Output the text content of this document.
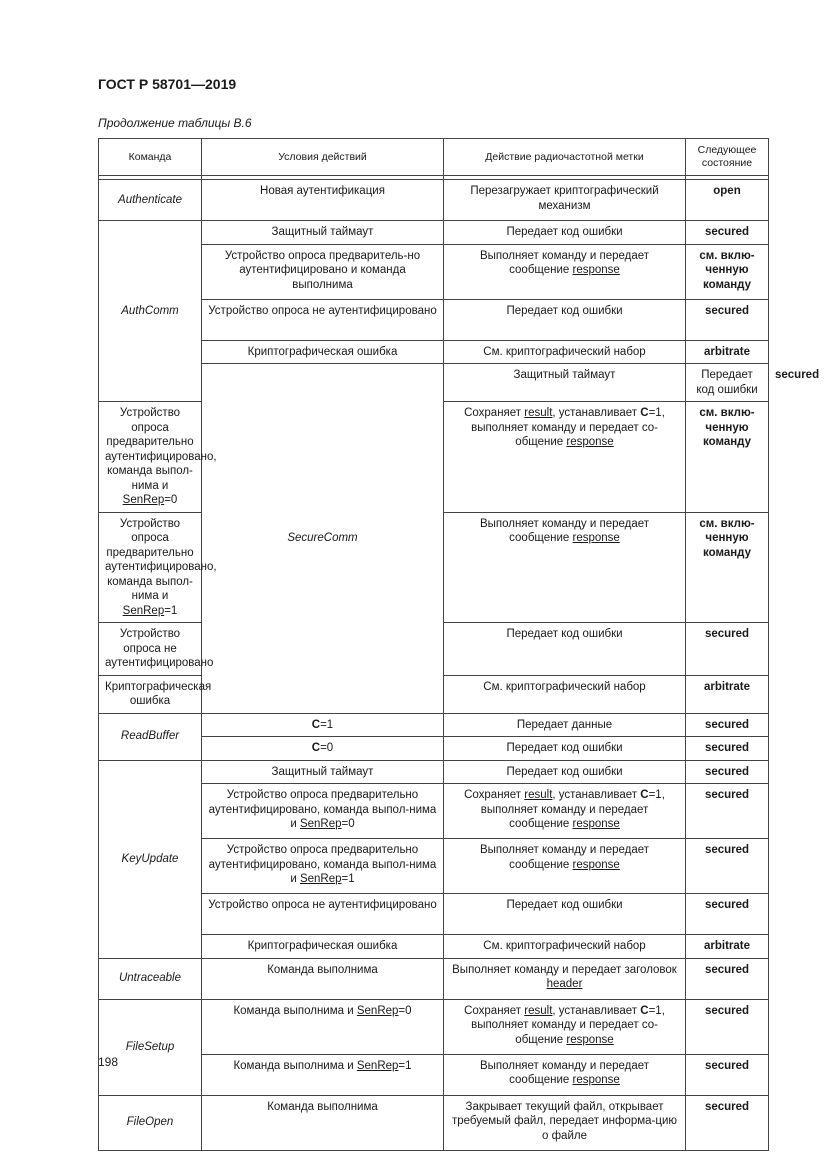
ГОСТ Р 58701—2019
Продолжение таблицы В.6
Команда	Условия действий	Действие радиочастотной метки	Следующее состояние	

Authenticate	Новая аутентификация	Перезагружает криптографический механизм	open	
AuthComm	Защитный таймаут	Передает код ошибки	secured	
	Устройство опроса предваритель-но аутентифицировано и команда выполнима	Выполняет команду и передает сообщение response	см. вклю-ченную команду	
	Устройство опроса не аутентифицировано	Передает код ошибки	secured	
	Криптографическая ошибка	См. криптографический набор	arbitrate	
	SecureComm	Защитный таймаут	Передает код ошибки	secured
Устройство опроса предварительно аутентифицировано, команда выпол-нима и SenRep=0		Сохраняет result, устанавливает C=1, выполняет команду и передает со-общение response	см. вклю-ченную команду	
Устройство опроса предварительно аутентифицировано, команда выпол-нима и SenRep=1		Выполняет команду и передает сообщение response	см. вклю-ченную команду	
Устройство опроса не аутентифицировано		Передает код ошибки	secured	
Криптографическая ошибка		См. криптографический набор	arbitrate	
ReadBuffer	C=1	Передает данные	secured	
	C=0	Передает код ошибки	secured	
KeyUpdate	Защитный таймаут	Передает код ошибки	secured	
	Устройство опроса предварительно аутентифицировано, команда выпол-нима и SenRep=0	Сохраняет result, устанавливает C=1, выполняет команду и передает сообщение response	secured	
	Устройство опроса предварительно аутентифицировано, команда выпол-нима и SenRep=1	Выполняет команду и передает сообщение response	secured	
	Устройство опроса не аутентифицировано	Передает код ошибки	secured	
	Криптографическая ошибка	См. криптографический набор	arbitrate	
Untraceable	Команда выполнима	Выполняет команду и передает заголовок header	secured	
FileSetup	Команда выполнима и SenRep=0	Сохраняет result, устанавливает C=1, выполняет команду и передает со-общение response	secured	
	Команда выполнима и SenRep=1	Выполняет команду и передает сообщение response	secured	
FileOpen	Команда выполнима	Закрывает текущий файл, открывает требуемый файл, передает информа-цию о файле	secured	
198
